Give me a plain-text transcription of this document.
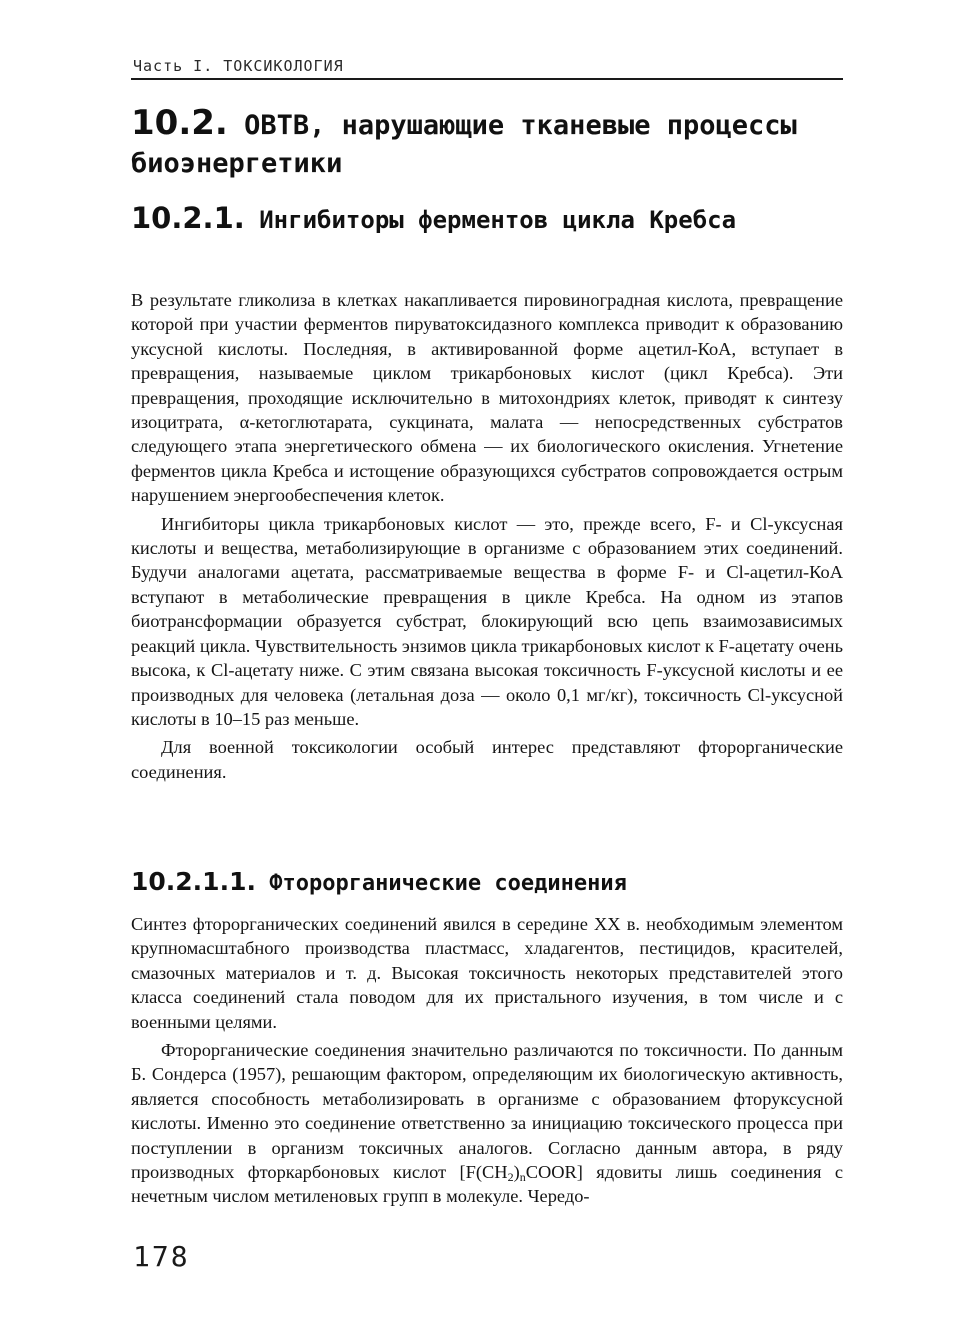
Часть I. ТОКСИКОЛОГИЯ
10.2. ОВТВ, нарушающие тканевые процессы биоэнергетики
10.2.1. Ингибиторы ферментов цикла Кребса

В результате гликолиза в клетках накапливается пировиноградная кислота, превращение которой при участии ферментов пируватоксидазного комплекса приводит к образованию уксусной кислоты. Последняя, в активированной форме ацетил-КоА, вступает в превращения, называемые циклом трикарбоновых кислот (цикл Кребса). Эти превращения, проходящие исключительно в митохондриях клеток, приводят к синтезу изоцитрата, α-кетоглютарата, сукцината, малата — непосредственных субстратов следующего этапа энергетического обмена — их биологического окисления. Угнетение ферментов цикла Кребса и истощение образующихся субстратов сопровождается острым нарушением энергообеспечения клеток.

Ингибиторы цикла трикарбоновых кислот — это, прежде всего, F- и Cl-уксусная кислоты и вещества, метаболизирующие в организме с образованием этих соединений. Будучи аналогами ацетата, рассматриваемые вещества в форме F- и Cl-ацетил-КоА вступают в метаболические превращения в цикле Кребса. На одном из этапов биотрансформации образуется субстрат, блокирующий всю цепь взаимозависимых реакций цикла. Чувствительность энзимов цикла трикарбоновых кислот к F-ацетату очень высока, к Cl-ацетату ниже. С этим связана высокая токсичность F-уксусной кислоты и ее производных для человека (летальная доза — около 0,1 мг/кг), токсичность Cl-уксусной кислоты в 10–15 раз меньше.

Для военной токсикологии особый интерес представляют фторорганические соединения.

10.2.1.1. Фторорганические соединения

Синтез фторорганических соединений явился в середине XX в. необходимым элементом крупномасштабного производства пластмасс, хладагентов, пестицидов, красителей, смазочных материалов и т. д. Высокая токсичность некоторых представителей этого класса соединений стала поводом для их пристального изучения, в том числе и с военными целями.

Фторорганические соединения значительно различаются по токсичности. По данным Б. Сондерса (1957), решающим фактором, определяющим их биологическую активность, является способность метаболизировать в организме с образованием фторуксусной кислоты. Именно это соединение ответственно за инициацию токсического процесса при поступлении в организм токсичных аналогов. Согласно данным автора, в ряду производных фторкарбоновых кислот $[F(CH_2)_nCOOR]$ ядовиты лишь соединения с нечетным числом метиленовых групп в молекуле. Чередо-

178
